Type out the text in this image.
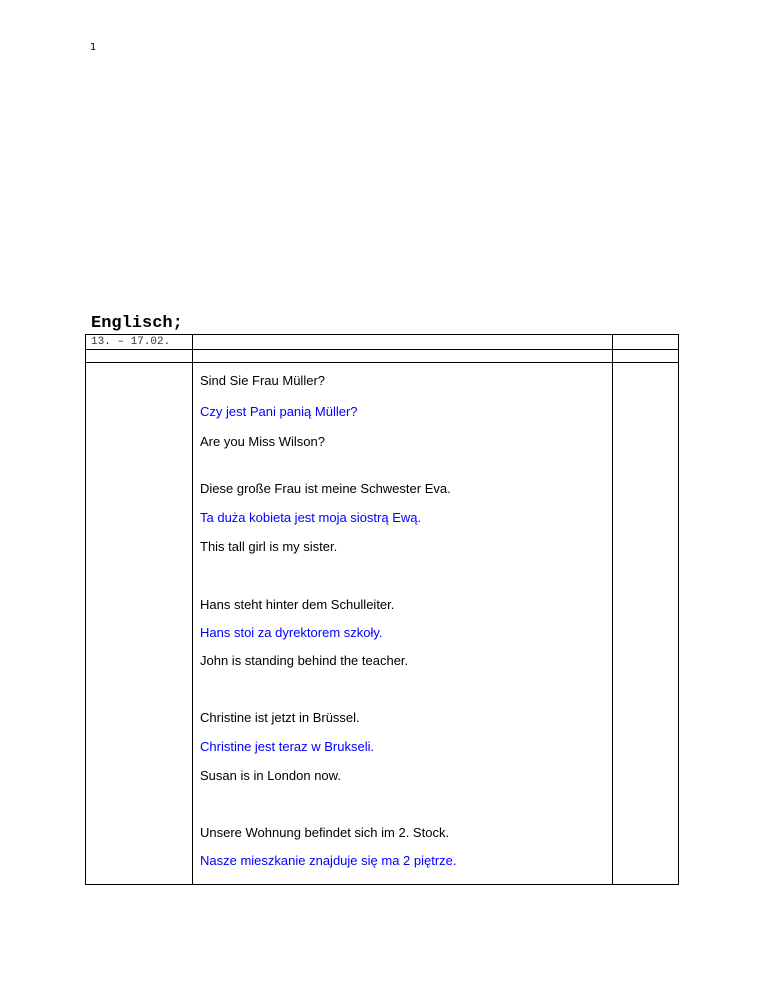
1
Englisch;
13. – 17.02.
Sind Sie Frau Müller?
Czy jest Pani panią Müller?
Are you Miss Wilson?
Diese große Frau ist meine Schwester Eva.
Ta duża kobieta jest moja siostrą Ewą.
This tall girl is my sister.
Hans steht hinter dem Schulleiter.
Hans stoi za dyrektorem szkoły.
John is standing behind the teacher.
Christine ist jetzt in Brüssel.
Christine jest teraz w Brukseli.
Susan is in London now.
Unsere Wohnung befindet sich im 2. Stock.
Nasze mieszkanie znajduje się ma 2 piętrze.
